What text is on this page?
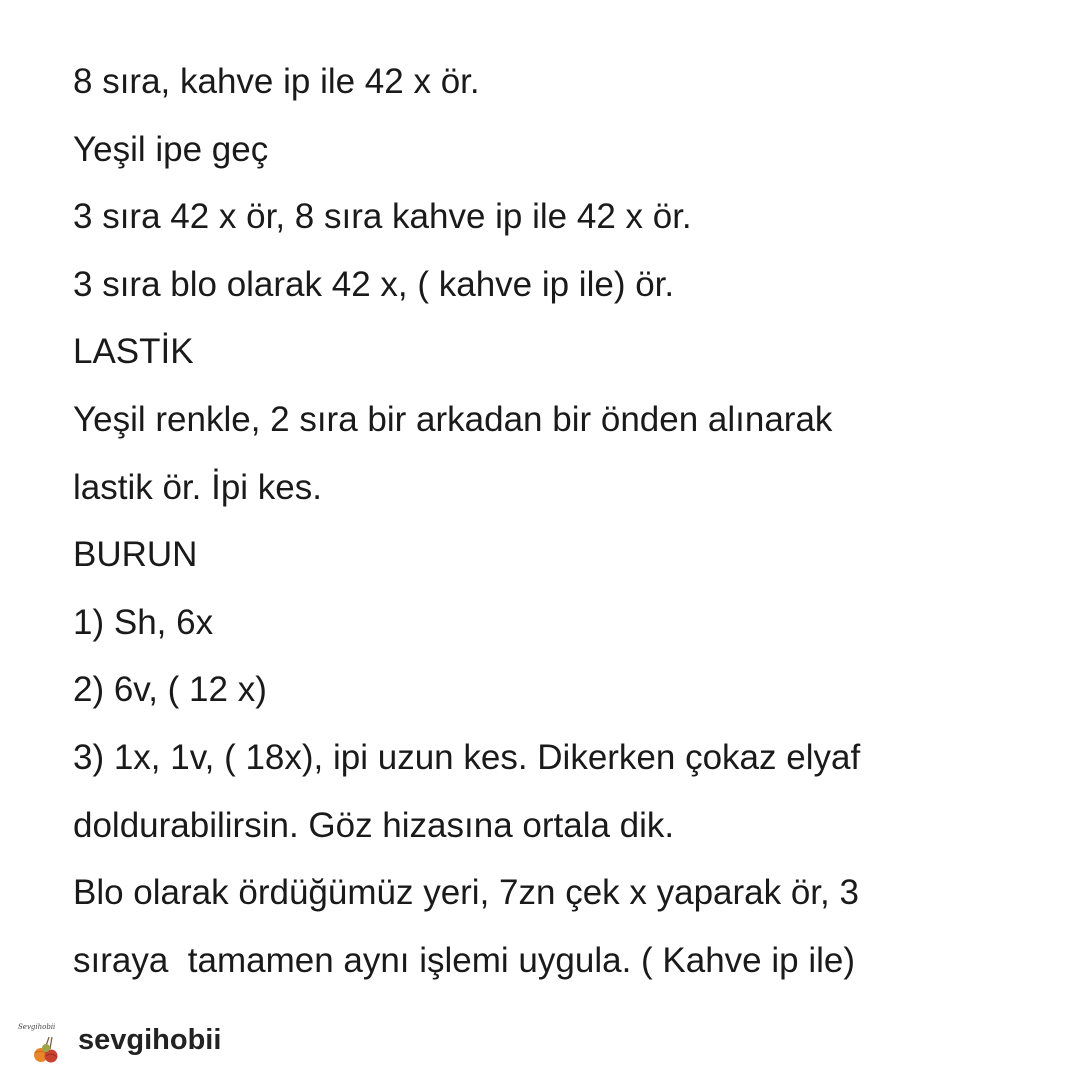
8 sıra, kahve ip ile 42 x ör.
Yeşil ipe geç
3 sıra 42 x ör, 8 sıra kahve ip ile 42 x ör.
3 sıra blo olarak 42 x, ( kahve ip ile) ör.
LASTİK
Yeşil renkle, 2 sıra bir arkadan bir önden alınarak
lastik ör. İpi kes.
BURUN
1) Sh, 6x
2) 6v, ( 12 x)
3) 1x, 1v, ( 18x), ipi uzun kes. Dikerken çokaz elyaf
doldurabilirsin. Göz hizasına ortala dik.
Blo olarak ördüğümüz yeri, 7zn çek x yaparak ör, 3
sıraya  tamamen aynı işlemi uygula. ( Kahve ip ile)
Sevgihobii sevgihobii
